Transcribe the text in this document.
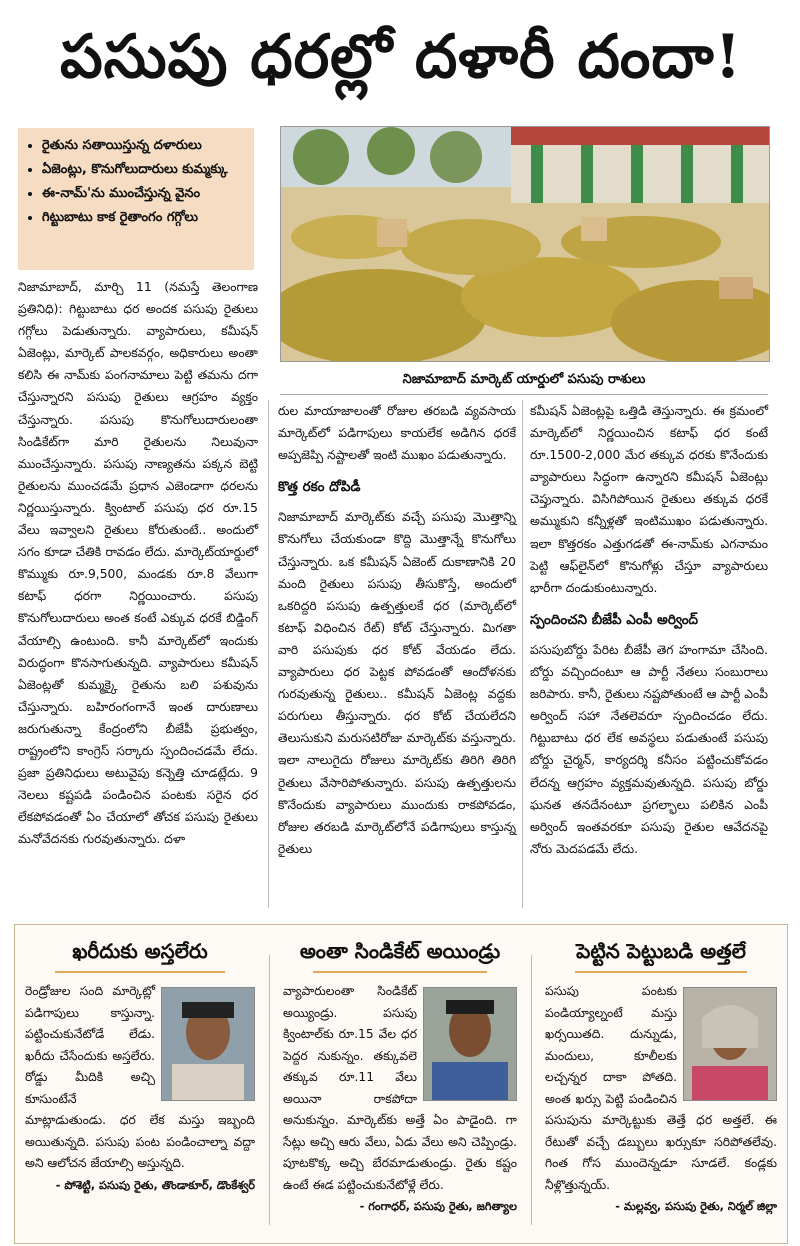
పసుపు ధరల్లో దళారీ దందా!
• రైతును సతాయిస్తున్న దళారులు
• ఏజెంట్లు, కొనుగోలుదారులు కుమ్మక్కు
• ఈ-నామ్‌'ను ముంచేస్తున్న వైనం
• గిట్టుబాటు కాక రైతాంగం గగ్గోలు
నిజామాబాద్ మార్కెట్ యార్డులో పసుపు రాశులు

నిజామాబాద్, మార్చి 11 (నమస్తే తెలంగాణ ప్రతినిధి): గిట్టుబాటు ధర అందక పసుపు రైతులు గగ్గోలు పెడుతున్నారు. వ్యాపారులు, కమీషన్ ఏజెంట్లు, మార్కెట్ పాలకవర్గం, అధికారులు అంతా కలిసి ఈ నామ్‌కు పంగనామాలు పెట్టి తమను దగా చేస్తున్నారని పసుపు రైతులు ఆగ్రహం వ్యక్తం చేస్తున్నారు. పసుపు కొనుగోలుదారులంతా సిండికేట్‌గా మారి రైతులను నిలువునా ముంచేస్తున్నారు. పసుపు నాణ్యతను పక్కన బెట్టి రైతులను ముంచడమే ప్రధాన ఎజెండాగా ధరలను నిర్ణయిస్తున్నారు. క్వింటాల్ పసుపు ధర రూ.15 వేలు ఇవ్వాలని రైతులు కోరుతుంటే.. అందులో సగం కూడా చేతికి రావడం లేదు. మార్కెట్‌యార్డులో కొమ్ముకు రూ.9,500, మండకు రూ.8 వేలుగా కటాఫ్ ధరగా నిర్ణయించారు. పసుపు కొనుగోలుదారులు అంత కంటే ఎక్కువ ధరకే బిడ్డింగ్ వేయాల్సి ఉంటుంది. కానీ మార్కెట్‌లో ఇందుకు విరుద్ధంగా కొనసాగుతున్నది. వ్యాపారులు కమీషన్ ఏజెంట్లతో కుమ్మక్కై రైతును బలి పశువును చేస్తున్నారు. బహిరంగంగానే ఇంత దారుణాలు జరుగుతున్నా కేంద్రంలోని బీజేపీ ప్రభుత్వం, రాష్ట్రంలోని కాంగ్రెస్ సర్కారు స్పందించడమే లేదు. ప్రజా ప్రతినిధులు అటువైపు కన్నెత్తి చూడట్లేదు. 9 నెలలు కష్టపడి పండించిన పంటకు సరైన ధర లేకపోవడంతో ఏం చేయాలో తోచక పసుపు రైతులు మనోవేదనకు గురవుతున్నారు. దళా

రుల మాయాజాలంతో రోజుల తరబడి వ్యవసాయ మార్కెట్‌లో పడిగాపులు కాయలేక అడిగిన ధరకే అప్పజెప్పి నష్టాలతో ఇంటి ముఖం పడుతున్నారు.

కొత్త రకం దోపిడీ

నిజామాబాద్ మార్కెట్‌కు వచ్చే పసుపు మొత్తాన్ని కొనుగోలు చేయకుండా కొద్ది మొత్తాన్నే కొనుగోలు చేస్తున్నారు. ఒక కమీషన్ ఏజెంట్ దుకాణానికి 20 మంది రైతులు పసుపు తీసుకొస్తే, అందులో ఒకరిద్దరి పసుపు ఉత్పత్తులకే ధర (మార్కెట్‌లో కటాఫ్ విధించిన రేట్) కోట్ చేస్తున్నారు. మిగతా వారి పసుపుకు ధర కోట్ వేయడం లేదు. వ్యాపారులు ధర పెట్టక పోవడంతో ఆందోళనకు గురవుతున్న రైతులు.. కమీషన్ ఏజెంట్ల వద్దకు పరుగులు తీస్తున్నారు. ధర కోట్ చేయలేదని తెలుసుకుని మరుసటిరోజు మార్కెట్‌కు వస్తున్నారు. ఇలా నాలుగైదు రోజులు మార్కెట్‌కు తిరిగి తిరిగి రైతులు వేసారిపోతున్నారు. పసుపు ఉత్పత్తులను కొనేందుకు వ్యాపారులు ముందుకు రాకపోవడం, రోజుల తరబడి మార్కెట్‌లోనే పడిగాపులు కాస్తున్న రైతులు

కమీషన్ ఏజెంట్లపై ఒత్తిడి తెస్తున్నారు. ఈ క్రమంలో మార్కెట్‌లో నిర్ణయించిన కటాఫ్ ధర కంటే రూ.1500-2,000 మేర తక్కువ ధరకు కొనేందుకు వ్యాపారులు సిద్ధంగా ఉన్నారని కమీషన్ ఏజెంట్లు చెప్తున్నారు. విసిగిపోయిన రైతులు తక్కువ ధరకే అమ్ముకుని కన్నీళ్లతో ఇంటిముఖం పడుతున్నారు. ఇలా కొత్తరకం ఎత్తుగడతో ఈ-నామ్‌కు ఎగనామం పెట్టి ఆఫ్‌లైన్‌లో కొనుగోళ్లు చేస్తూ వ్యాపారులు భారీగా దండుకుంటున్నారు.

స్పందించని బీజేపీ ఎంపీ అర్వింద్

పసుపుబోర్డు పేరిట బీజేపీ తెగ హంగామా చేసింది. బోర్డు వచ్చిందంటూ ఆ పార్టీ నేతలు సంబురాలు జరిపారు. కానీ, రైతులు నష్టపోతుంటే ఆ పార్టీ ఎంపీ అర్వింద్ సహా నేతలెవరూ స్పందించడం లేదు. గిట్టుబాటు ధర లేక అవస్థలు పడుతుంటే పసుపు బోర్డు చైర్మన్, కార్యదర్శి కనీసం పట్టించుకోవడం లేదన్న ఆగ్రహం వ్యక్తమవుతున్నది. పసుపు బోర్డు ఘనత తనదేనంటూ ప్రగల్భాలు పలికిన ఎంపీ అర్వింద్ ఇంతవరకూ పసుపు రైతుల ఆవేదనపై నోరు మెదపడమే లేదు.

ఖరీదుకు అస్తలేరు
రెండ్రోజుల సంది మార్కెట్లో పడిగాపులు కాస్తున్నా. పట్టించుకునేటోడే లేడు. ఖరీదు చేసేందుకు అస్తలేరు. రోడ్డు మీదికి అచ్చి కూసుంటేనే మాట్లాడుతుండు. ధర లేక మస్తు ఇబ్బంది అయితున్నది. పసుపు పంట పండించాల్నా వద్దా అని ఆలోచన జేయాల్సి అస్తున్నది.
- పోశెట్టి, పసుపు రైతు, తొండాకూర్, డొంకేశ్వర్
అంతా సిండికేట్ అయిండ్రు
వ్యాపారులంతా సిండికేట్ అయ్యిండ్రు. పసుపు క్వింటాల్‌కు రూ.15 వేల ధర పెద్దర నుకున్నం. తక్కువలె తక్కువ రూ.11 వేలు అయినా రాకపోదా అనుకున్నం. మార్కెట్‌కు అత్తే ఏం పాడైంది. గా సేట్లు అచ్చి ఆరు వేలు, ఏడు వేలు అని చెప్పిండ్రు. పూటకొక్క అచ్చి బేరమాడుతుండ్రు. రైతు కష్టం ఉంటే ఈడ పట్టించుకునేటోళ్లే లేరు.
- గంగాధర్, పసుపు రైతు, జగిత్యాల
పెట్టిన పెట్టుబడి అత్తలే
పసుపు పంటకు పండియ్యాల్నంటే మస్తు ఖర్సయితది. దున్నుడు, మందులు, కూలీలకు లచ్చన్నర దాకా పోతది. అంత ఖర్సు పెట్టి పండించిన పసుపును మార్కెట్టుకు తెత్తే ధర అత్తలే. ఈ రేటుతో వచ్చే డబ్బులు ఖర్సుకూ సరిపోతలేవు. గింత గోస ముందెన్నడూ సూడలే. కండ్లకు నీళ్లొత్తున్నయ్.
- మల్లవ్వ, పసుపు రైతు, నిర్మల్ జిల్లా
